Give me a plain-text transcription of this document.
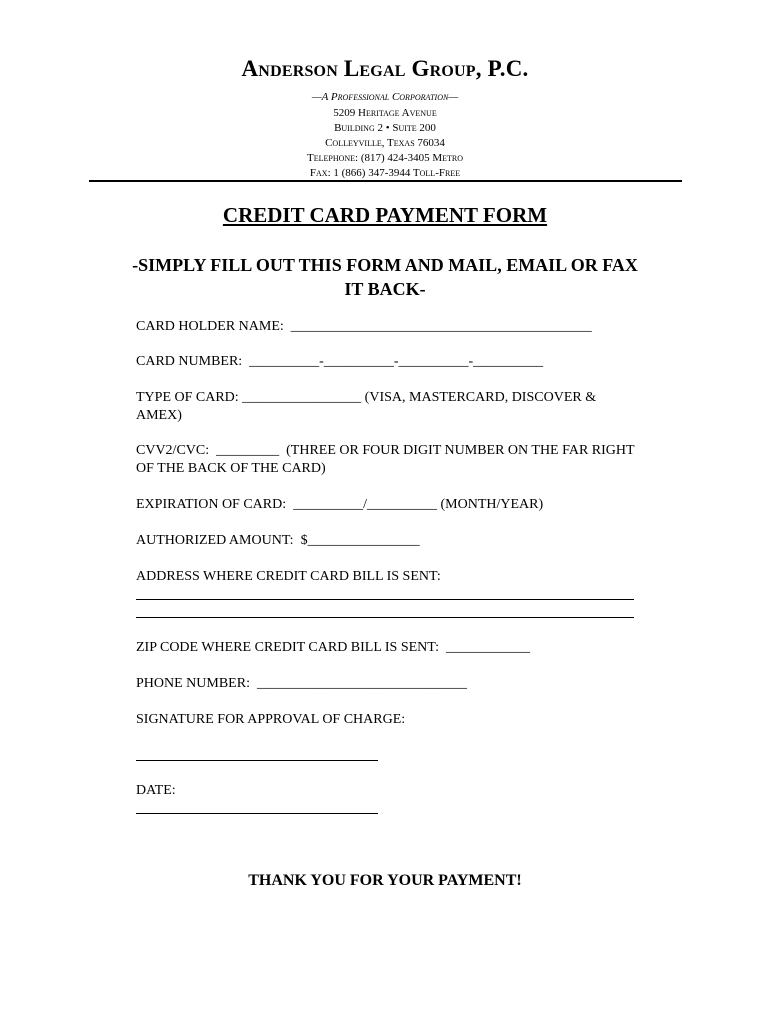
Anderson Legal Group, P.C.
—A Professional Corporation—
5209 Heritage Avenue
Building 2 • Suite 200
Colleyville, Texas 76034
Telephone: (817) 424-3405 Metro
Fax: 1 (866) 347-3944 Toll-Free
CREDIT CARD PAYMENT FORM
-SIMPLY FILL OUT THIS FORM AND MAIL, EMAIL OR FAX IT BACK-
CARD HOLDER NAME:  ___________________________________________
CARD NUMBER:  __________-__________-__________-__________
TYPE OF CARD: _________________ (VISA, MASTERCARD, DISCOVER & AMEX)
CVV2/CVC:  _________  (THREE OR FOUR DIGIT NUMBER ON THE FAR RIGHT OF THE BACK OF THE CARD)
EXPIRATION OF CARD:  __________/__________ (MONTH/YEAR)
AUTHORIZED AMOUNT:  $________________
ADDRESS WHERE CREDIT CARD BILL IS SENT:
ZIP CODE WHERE CREDIT CARD BILL IS SENT:  ____________
PHONE NUMBER:  ______________________________
SIGNATURE FOR APPROVAL OF CHARGE:
DATE:
THANK YOU FOR YOUR PAYMENT!
